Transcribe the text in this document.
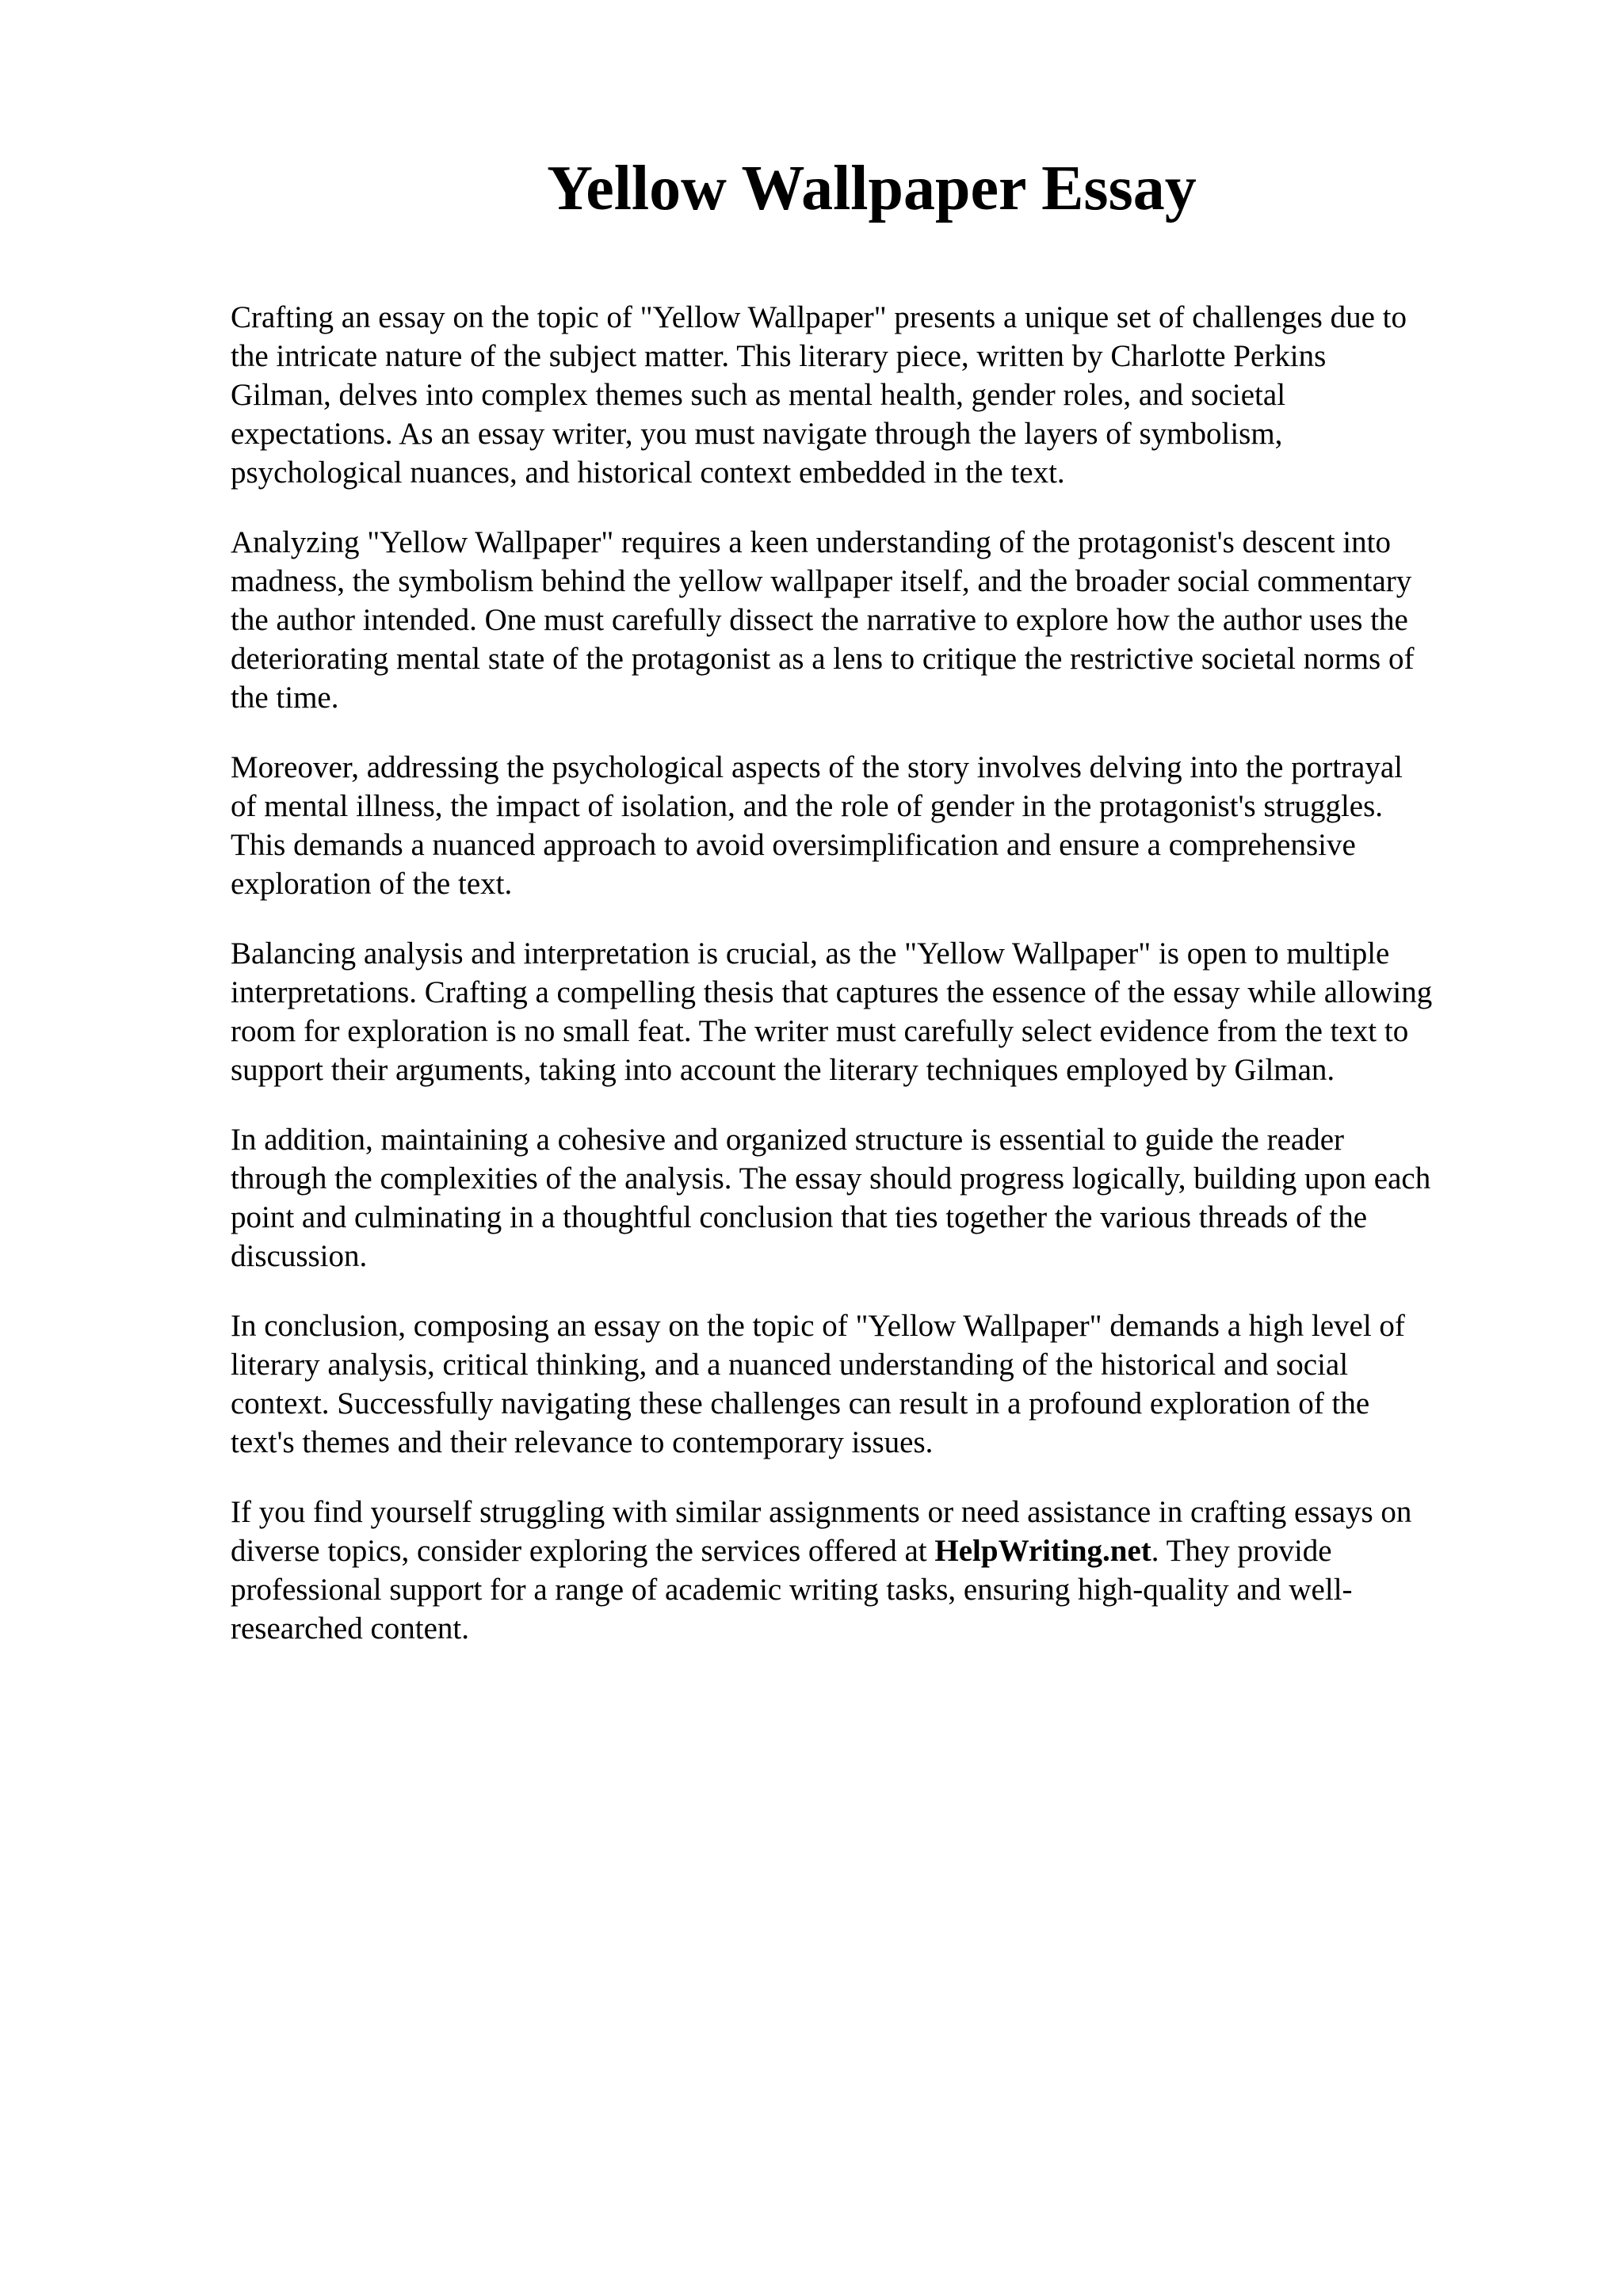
Yellow Wallpaper Essay

Crafting an essay on the topic of "Yellow Wallpaper" presents a unique set of challenges due to
the intricate nature of the subject matter. This literary piece, written by Charlotte Perkins
Gilman, delves into complex themes such as mental health, gender roles, and societal
expectations. As an essay writer, you must navigate through the layers of symbolism,
psychological nuances, and historical context embedded in the text.

Analyzing "Yellow Wallpaper" requires a keen understanding of the protagonist's descent into
madness, the symbolism behind the yellow wallpaper itself, and the broader social commentary
the author intended. One must carefully dissect the narrative to explore how the author uses the
deteriorating mental state of the protagonist as a lens to critique the restrictive societal norms of
the time.

Moreover, addressing the psychological aspects of the story involves delving into the portrayal
of mental illness, the impact of isolation, and the role of gender in the protagonist's struggles.
This demands a nuanced approach to avoid oversimplification and ensure a comprehensive
exploration of the text.

Balancing analysis and interpretation is crucial, as the "Yellow Wallpaper" is open to multiple
interpretations. Crafting a compelling thesis that captures the essence of the essay while allowing
room for exploration is no small feat. The writer must carefully select evidence from the text to
support their arguments, taking into account the literary techniques employed by Gilman.

In addition, maintaining a cohesive and organized structure is essential to guide the reader
through the complexities of the analysis. The essay should progress logically, building upon each
point and culminating in a thoughtful conclusion that ties together the various threads of the
discussion.

In conclusion, composing an essay on the topic of "Yellow Wallpaper" demands a high level of
literary analysis, critical thinking, and a nuanced understanding of the historical and social
context. Successfully navigating these challenges can result in a profound exploration of the
text's themes and their relevance to contemporary issues.

If you find yourself struggling with similar assignments or need assistance in crafting essays on
diverse topics, consider exploring the services offered at HelpWriting.net. They provide
professional support for a range of academic writing tasks, ensuring high-quality and well-
researched content.
